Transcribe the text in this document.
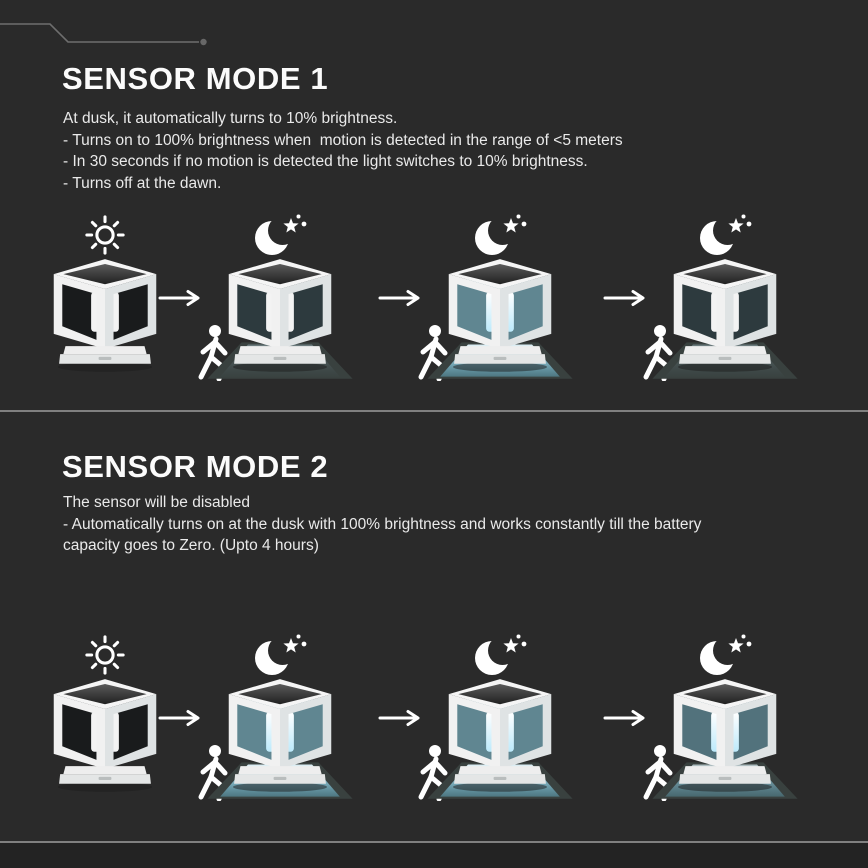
SENSOR MODE 1
At dusk, it automatically turns to 10% brightness.
- Turns on to 100% brightness when  motion is detected in the range of <5 meters
- In 30 seconds if no motion is detected the light switches to 10% brightness.
- Turns off at the dawn.
SENSOR MODE 2
The sensor will be disabled
- Automatically turns on at the dusk with 100% brightness and works constantly till the battery
capacity goes to Zero. (Upto 4 hours)
